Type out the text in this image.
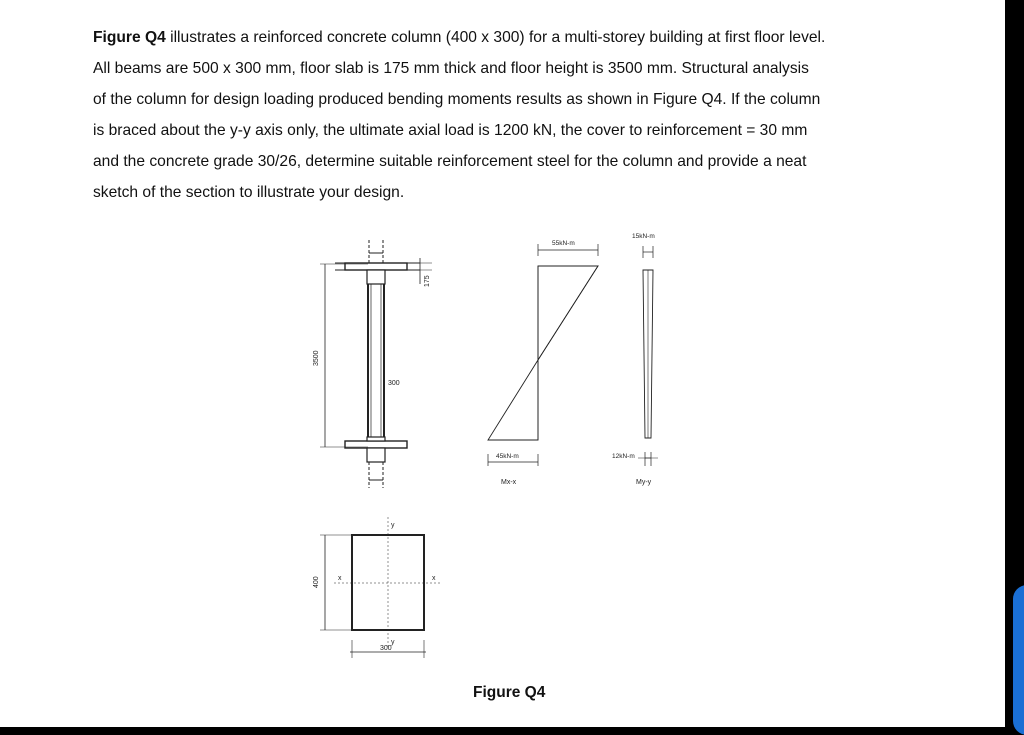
Figure Q4 illustrates a reinforced concrete column (400 x 300) for a multi-storey building at first floor level.
All beams are 500 x 300 mm, floor slab is 175 mm thick and floor height is 3500 mm. Structural analysis
of the column for design loading produced bending moments results as shown in Figure Q4. If the column
is braced about the y-y axis only, the ultimate axial load is 1200 kN, the cover to reinforcement = 30 mm
and the concrete grade 30/26, determine suitable reinforcement steel for the column and provide a neat
sketch of the section to illustrate your design.
3500
175
300
55kN-m
45kN-m
Mx-x
15kN-m
12kN-m
My-y
400
300
x	x
y
y
Figure Q4
